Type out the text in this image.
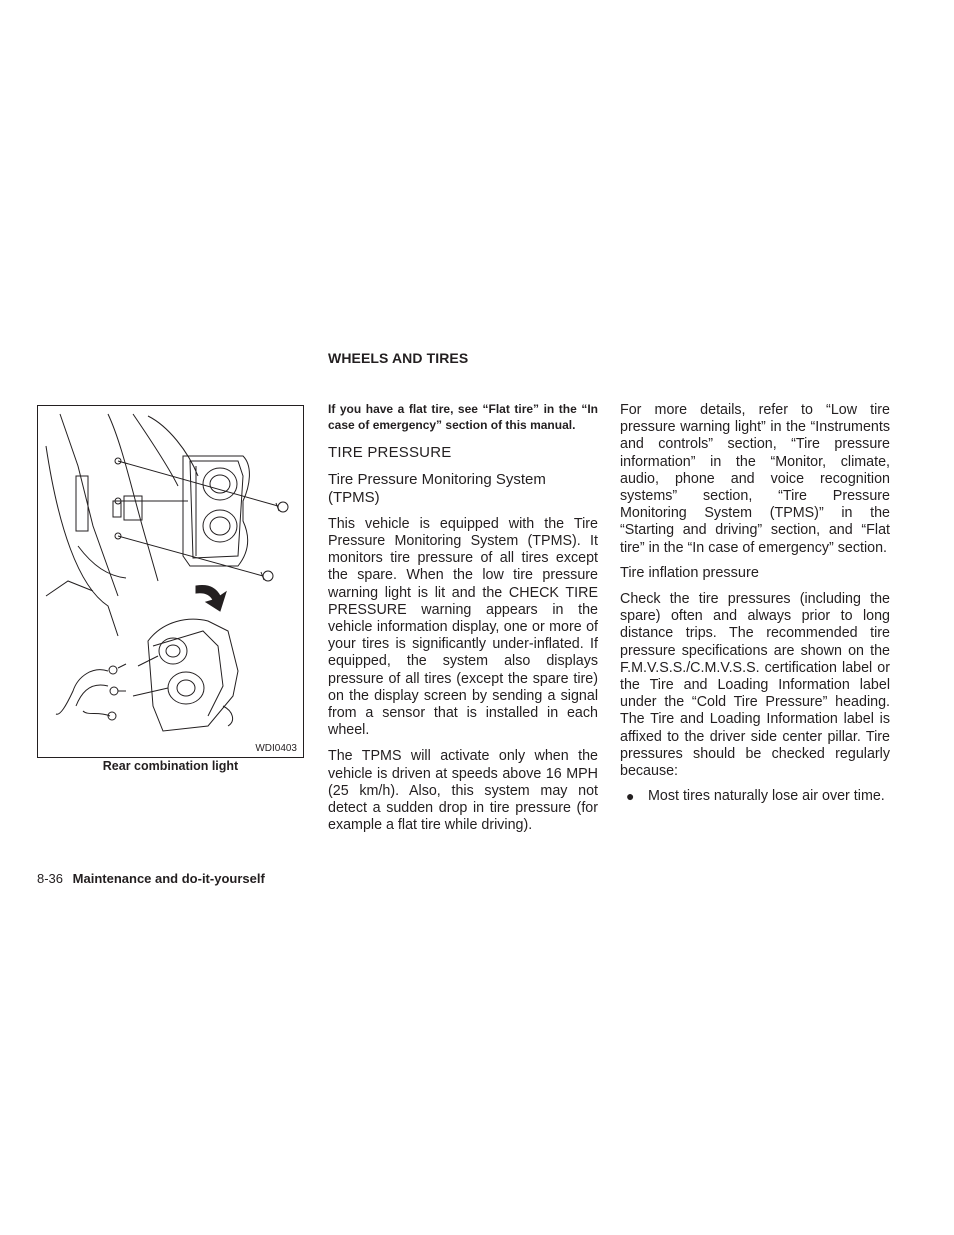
WHEELS AND TIRES
WDI0403
Rear combination light

If you have a flat tire, see “Flat tire” in the “In case of emergency” section of this manual.

TIRE PRESSURE

Tire Pressure Monitoring System (TPMS)

This vehicle is equipped with the Tire Pressure Monitoring System (TPMS). It monitors tire pressure of all tires except the spare. When the low tire pressure warning light is lit and the CHECK TIRE PRESSURE warning appears in the vehicle information display, one or more of your tires is significantly under-inflated. If equipped, the system also displays pressure of all tires (except the spare tire) on the display screen by sending a signal from a sensor that is installed in each wheel.

The TPMS will activate only when the vehicle is driven at speeds above 16 MPH (25 km/h). Also, this system may not detect a sudden drop in tire pressure (for example a flat tire while driving).

For more details, refer to “Low tire pressure warning light” in the “Instruments and controls” section, “Tire pressure information” in the “Monitor, climate, audio, phone and voice recognition systems” section, “Tire Pressure Monitoring System (TPMS)” in the “Starting and driving” section, and “Flat tire” in the “In case of emergency” section.

Tire inflation pressure

Check the tire pressures (including the spare) often and always prior to long distance trips. The recommended tire pressure specifications are shown on the F.M.V.S.S./C.M.V.S.S. certification label or the Tire and Loading Information label under the “Cold Tire Pressure” heading. The Tire and Loading Information label is affixed to the driver side center pillar. Tire pressures should be checked regularly because:

● Most tires naturally lose air over time.
8-36 Maintenance and do-it-yourself
